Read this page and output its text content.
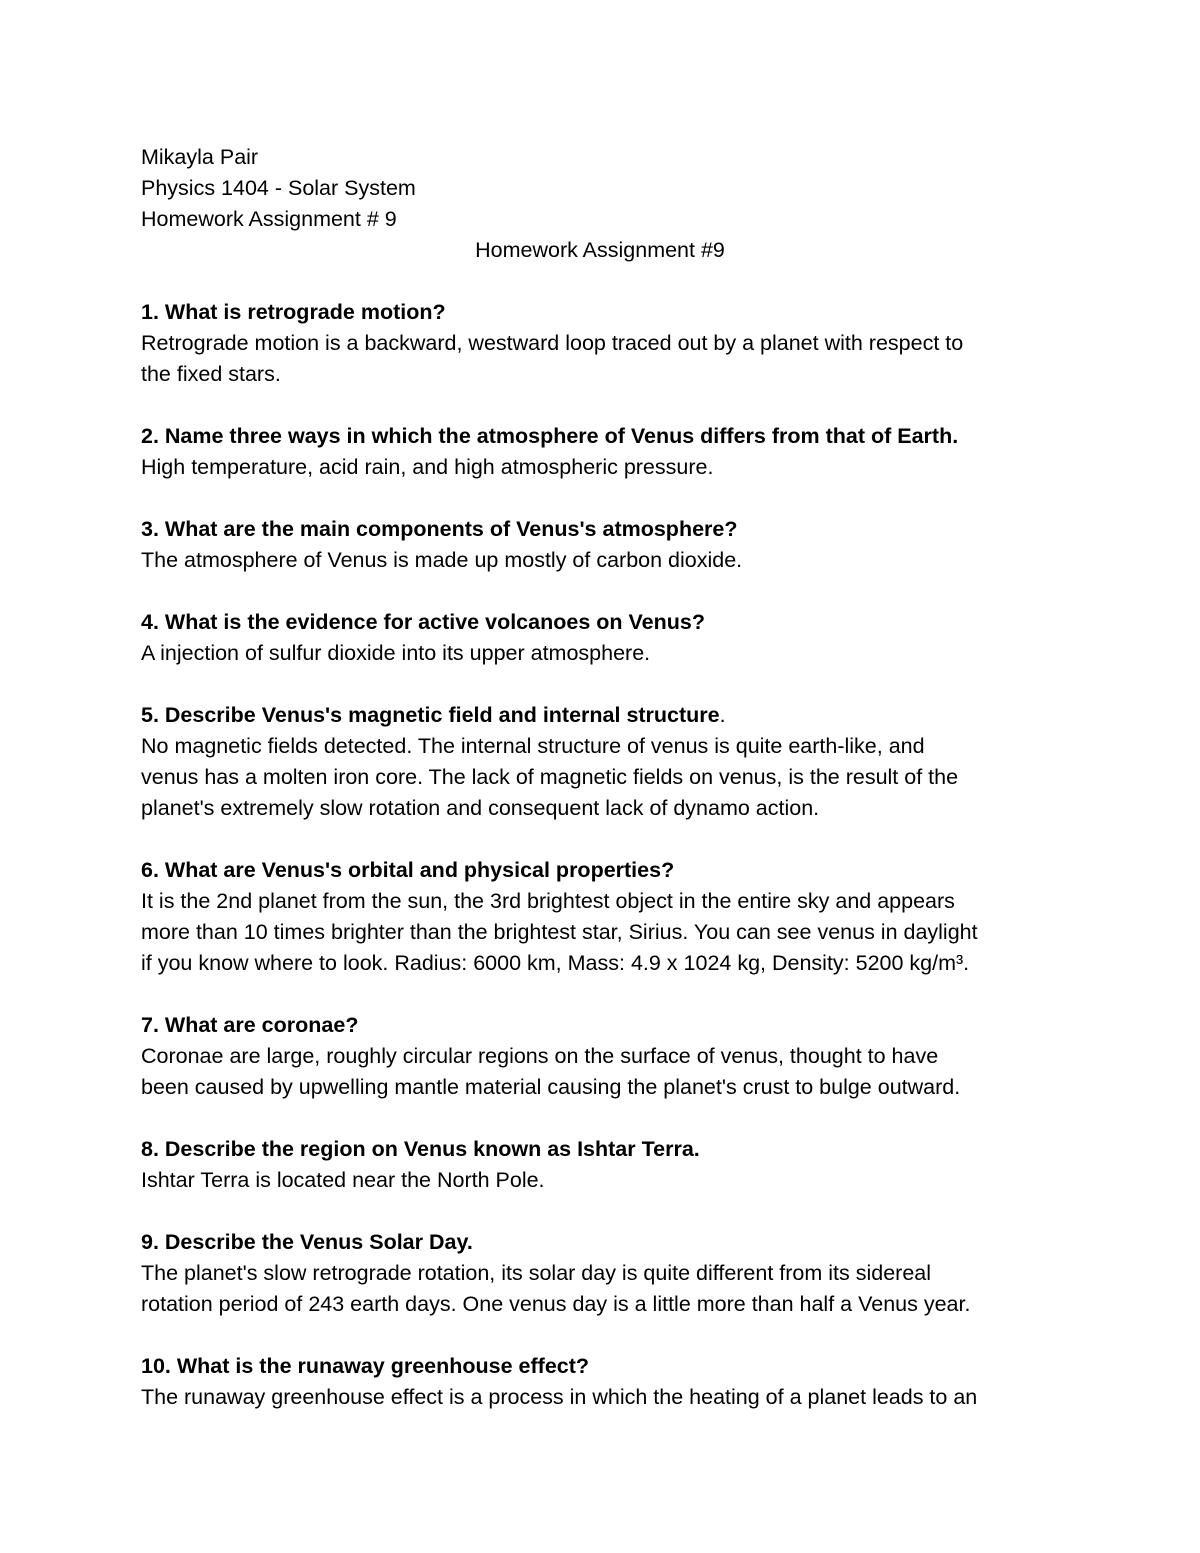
Mikayla Pair
Physics 1404 - Solar System
Homework Assignment # 9
Homework Assignment #9
1. What is retrograde motion?
Retrograde motion is a backward, westward loop traced out by a planet with respect to
the fixed stars.
2. Name three ways in which the atmosphere of Venus differs from that of Earth.
High temperature, acid rain, and high atmospheric pressure.
3. What are the main components of Venus's atmosphere?
The atmosphere of Venus is made up mostly of carbon dioxide.
4. What is the evidence for active volcanoes on Venus?
A injection of sulfur dioxide into its upper atmosphere.
5. Describe Venus's magnetic field and internal structure.
No magnetic fields detected. The internal structure of venus is quite earth-like, and
venus has a molten iron core. The lack of magnetic fields on venus, is the result of the
planet's extremely slow rotation and consequent lack of dynamo action.
6. What are Venus's orbital and physical properties?
It is the 2nd planet from the sun, the 3rd brightest object in the entire sky and appears
more than 10 times brighter than the brightest star, Sirius. You can see venus in daylight
if you know where to look. Radius: 6000 km, Mass: 4.9 x 1024 kg, Density: 5200 kg/m³.
7. What are coronae?
Coronae are large, roughly circular regions on the surface of venus, thought to have
been caused by upwelling mantle material causing the planet's crust to bulge outward.
8. Describe the region on Venus known as Ishtar Terra.
Ishtar Terra is located near the North Pole.
9. Describe the Venus Solar Day.
The planet's slow retrograde rotation, its solar day is quite different from its sidereal
rotation period of 243 earth days. One venus day is a little more than half a Venus year.
10. What is the runaway greenhouse effect?
The runaway greenhouse effect is a process in which the heating of a planet leads to an
